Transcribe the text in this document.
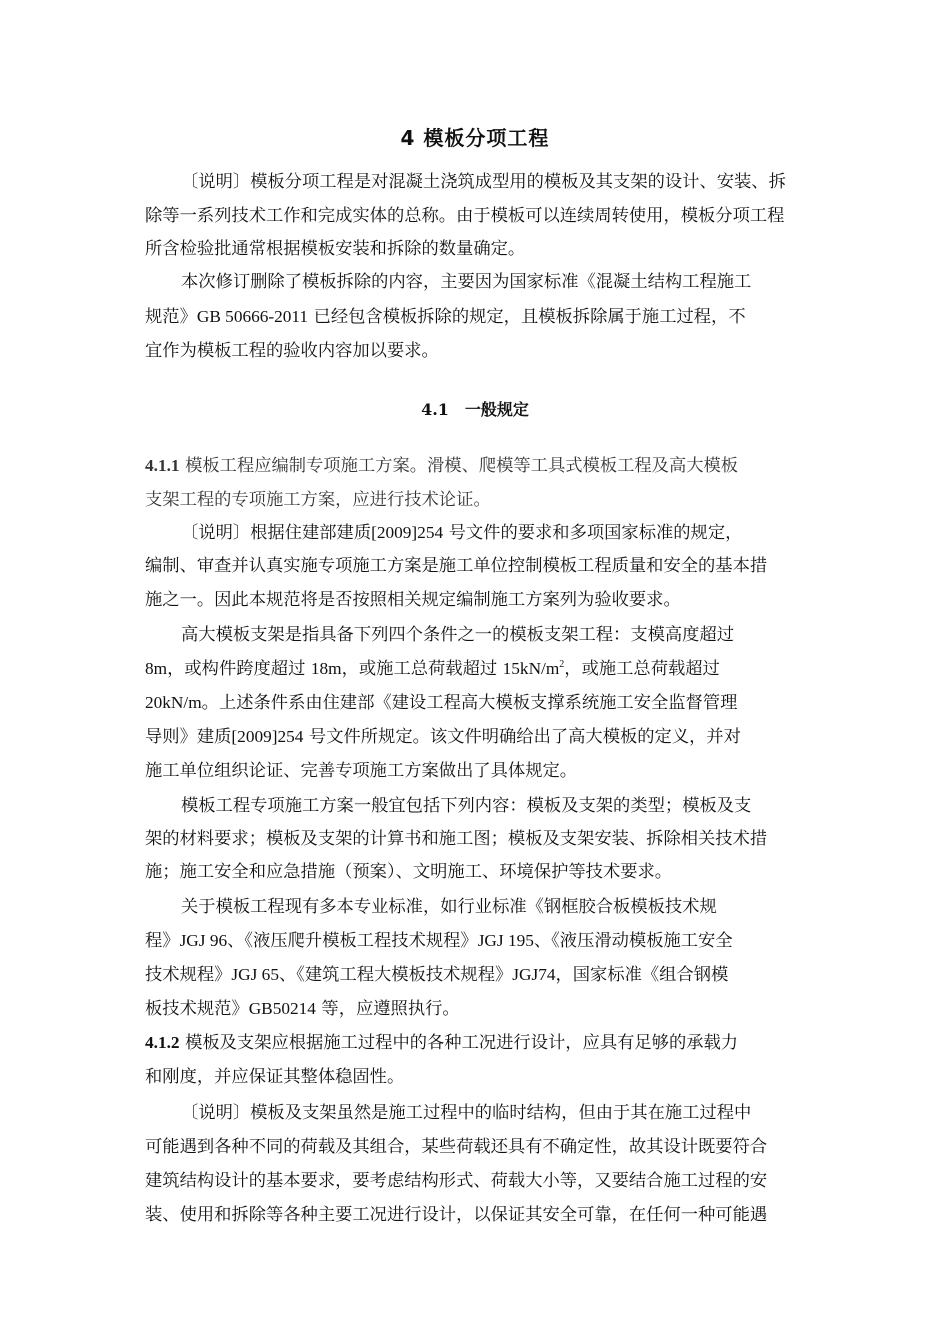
4 模板分项工程
〔说明〕模板分项工程是对混凝土浇筑成型用的模板及其支架的设计、安装、拆
除等一系列技术工作和完成实体的总称。由于模板可以连续周转使用，模板分项工程
所含检验批通常根据模板安装和拆除的数量确定。
本次修订删除了模板拆除的内容，主要因为国家标准《混凝土结构工程施工
规范》GB 50666-2011 已经包含模板拆除的规定，且模板拆除属于施工过程，不
宜作为模板工程的验收内容加以要求。
4.1　一般规定
4.1.1 模板工程应编制专项施工方案。滑模、爬模等工具式模板工程及高大模板
支架工程的专项施工方案，应进行技术论证。
〔说明〕根据住建部建质[2009]254 号文件的要求和多项国家标准的规定，
编制、审查并认真实施专项施工方案是施工单位控制模板工程质量和安全的基本措
施之一。因此本规范将是否按照相关规定编制施工方案列为验收要求。
高大模板支架是指具备下列四个条件之一的模板支架工程：支模高度超过
8m，或构件跨度超过 18m，或施工总荷载超过 $15kN/m^2$，或施工总荷载超过
20kN/m。上述条件系由住建部《建设工程高大模板支撑系统施工安全监督管理
导则》建质[2009]254 号文件所规定。该文件明确给出了高大模板的定义，并对
施工单位组织论证、完善专项施工方案做出了具体规定。
模板工程专项施工方案一般宜包括下列内容：模板及支架的类型；模板及支
架的材料要求；模板及支架的计算书和施工图；模板及支架安装、拆除相关技术措
施；施工安全和应急措施（预案）、文明施工、环境保护等技术要求。
关于模板工程现有多本专业标准，如行业标准《钢框胶合板模板技术规
程》JGJ 96、《液压爬升模板工程技术规程》JGJ 195、《液压滑动模板施工安全
技术规程》JGJ 65、《建筑工程大模板技术规程》JGJ74，国家标准《组合钢模
板技术规范》GB50214 等，应遵照执行。
4.1.2 模板及支架应根据施工过程中的各种工况进行设计，应具有足够的承载力
和刚度，并应保证其整体稳固性。
〔说明〕模板及支架虽然是施工过程中的临时结构，但由于其在施工过程中
可能遇到各种不同的荷载及其组合，某些荷载还具有不确定性，故其设计既要符合
建筑结构设计的基本要求，要考虑结构形式、荷载大小等，又要结合施工过程的安
装、使用和拆除等各种主要工况进行设计，以保证其安全可靠，在任何一种可能遇
